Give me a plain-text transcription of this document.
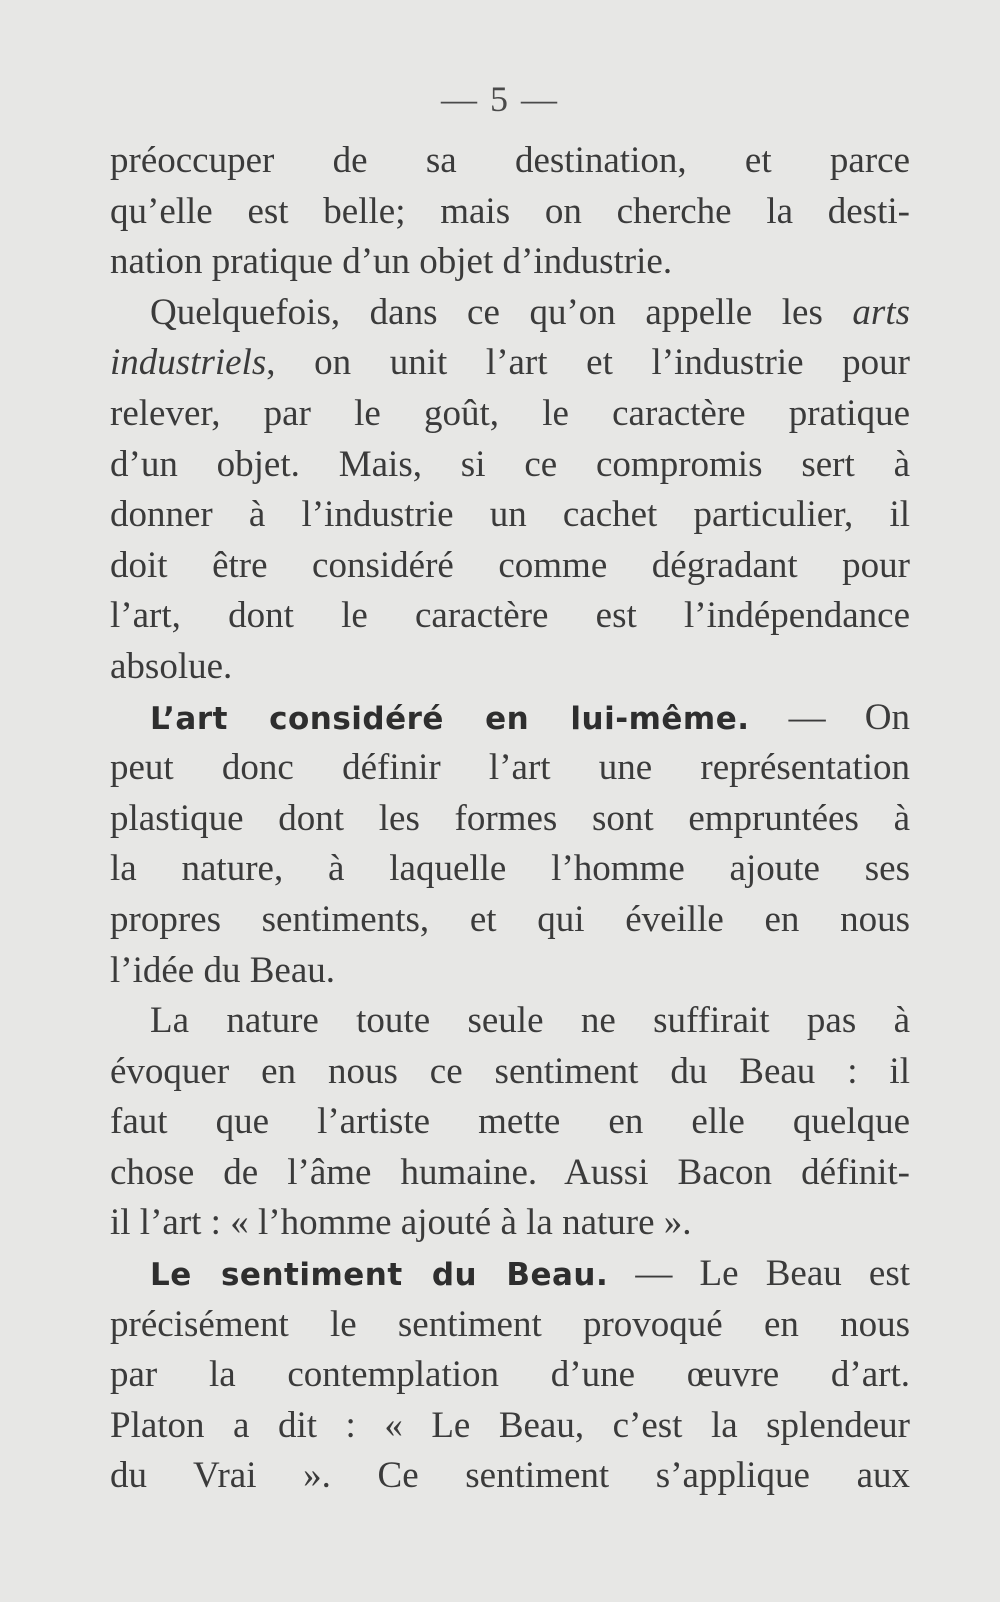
— 5 —
préoccuper de sa destination, et parce
qu’elle est belle; mais on cherche la desti-
nation pratique d’un objet d’industrie.
Quelquefois, dans ce qu’on appelle les arts
industriels, on unit l’art et l’industrie pour
relever, par le goût, le caractère pratique
d’un objet. Mais, si ce compromis sert à
donner à l’industrie un cachet particulier, il
doit être considéré comme dégradant pour
l’art, dont le caractère est l’indépendance
absolue.
L’art considéré en lui-même. — On
peut donc définir l’art une représentation
plastique dont les formes sont empruntées à
la nature, à laquelle l’homme ajoute ses
propres sentiments, et qui éveille en nous
l’idée du Beau.
La nature toute seule ne suffirait pas à
évoquer en nous ce sentiment du Beau : il
faut que l’artiste mette en elle quelque
chose de l’âme humaine. Aussi Bacon définit-
il l’art : « l’homme ajouté à la nature ».
Le sentiment du Beau. — Le Beau est
précisément le sentiment provoqué en nous
par la contemplation d’une œuvre d’art.
Platon a dit : « Le Beau, c’est la splendeur
du Vrai ». Ce sentiment s’applique aux
